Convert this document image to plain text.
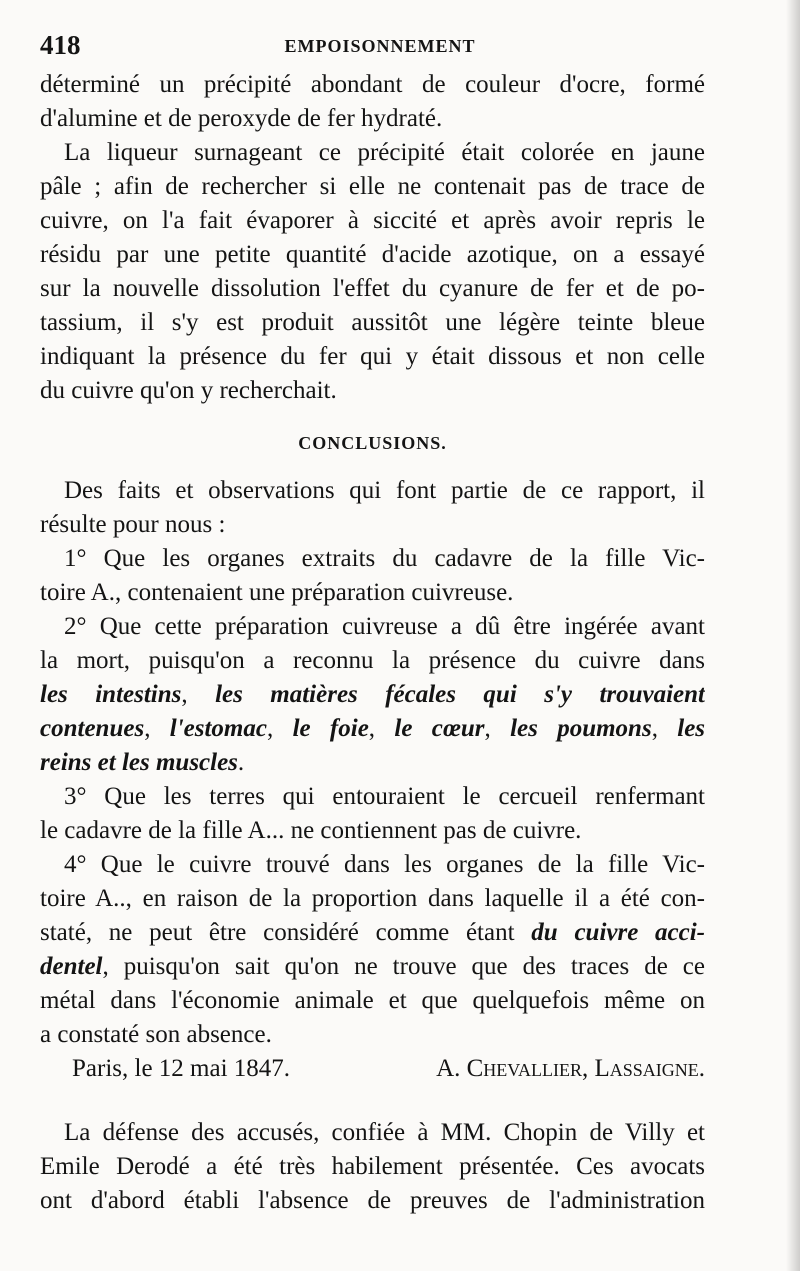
418	EMPOISONNEMENT
déterminé un précipité abondant de couleur d'ocre, formé
d'alumine et de peroxyde de fer hydraté.
La liqueur surnageant ce précipité était colorée en jaune
pâle ; afin de rechercher si elle ne contenait pas de trace de
cuivre, on l'a fait évaporer à siccité et après avoir repris le
résidu par une petite quantité d'acide azotique, on a essayé
sur la nouvelle dissolution l'effet du cyanure de fer et de po-
tassium, il s'y est produit aussitôt une légère teinte bleue
indiquant la présence du fer qui y était dissous et non celle
du cuivre qu'on y recherchait.
CONCLUSIONS.
Des faits et observations qui font partie de ce rapport, il
résulte pour nous :
1° Que les organes extraits du cadavre de la fille Vic-
toire A., contenaient une préparation cuivreuse.
2° Que cette préparation cuivreuse a dû être ingérée avant
la mort, puisqu'on a reconnu la présence du cuivre dans
les intestins, les matières fécales qui s'y trouvaient
contenues, l'estomac, le foie, le cœur, les poumons, les
reins et les muscles.
3° Que les terres qui entouraient le cercueil renfermant
le cadavre de la fille A... ne contiennent pas de cuivre.
4° Que le cuivre trouvé dans les organes de la fille Vic-
toire A.., en raison de la proportion dans laquelle il a été con-
staté, ne peut être considéré comme étant du cuivre acci-
dentel, puisqu'on sait qu'on ne trouve que des traces de ce
métal dans l'économie animale et que quelquefois même on
a constaté son absence.
Paris, le 12 mai 1847.	A. Chevallier, Lassaigne.
La défense des accusés, confiée à MM. Chopin de Villy et
Emile Derodé a été très habilement présentée. Ces avocats
ont d'abord établi l'absence de preuves de l'administration
